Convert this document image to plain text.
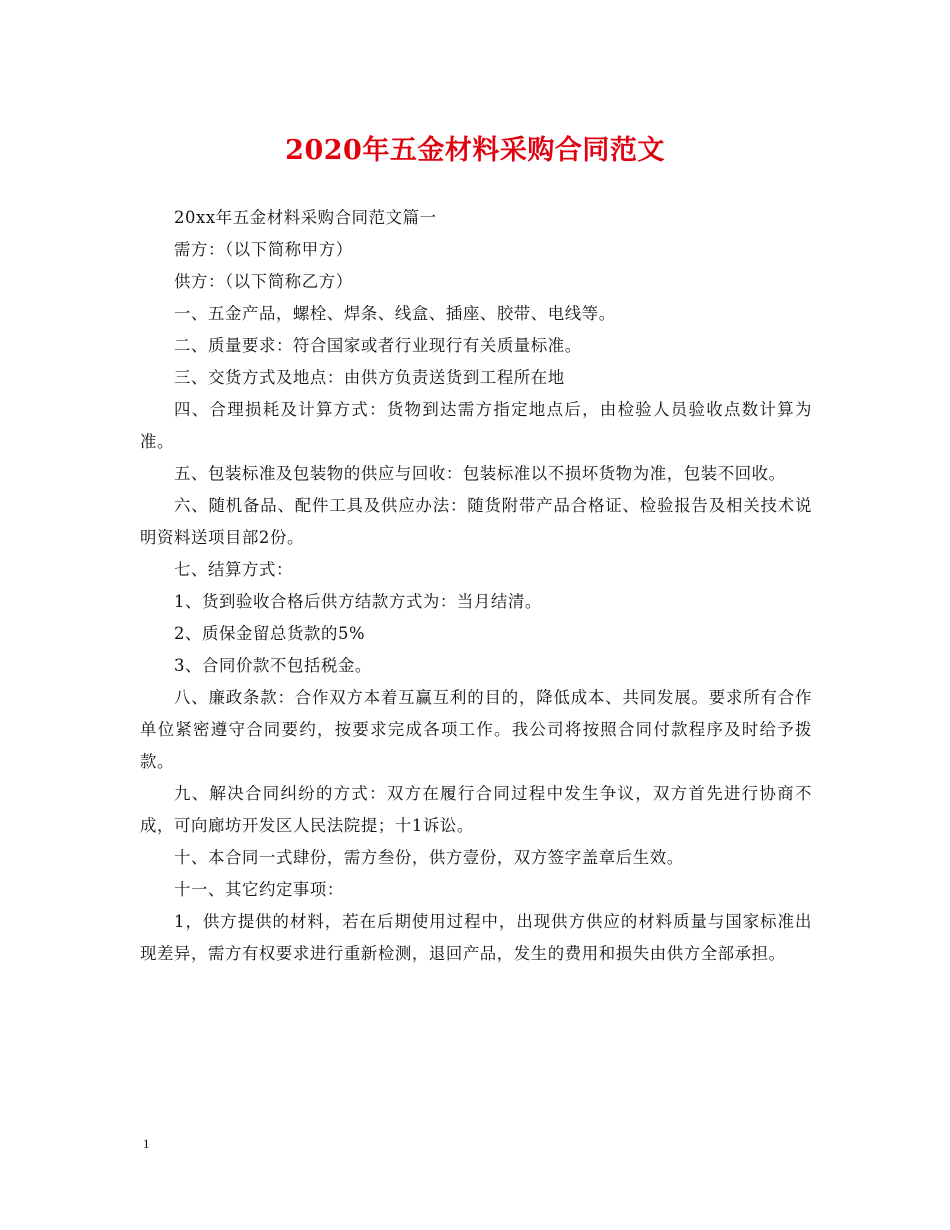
2020年五金材料采购合同范文

20xx年五金材料采购合同范文篇一

需方：（以下简称甲方）

供方：（以下简称乙方）

一、五金产品，螺栓、焊条、线盒、插座、胶带、电线等。

二、质量要求：符合国家或者行业现行有关质量标准。

三、交货方式及地点：由供方负责送货到工程所在地

四、合理损耗及计算方式：货物到达需方指定地点后，由检验人员验收点数计算为准。

五、包装标准及包装物的供应与回收：包装标准以不损坏货物为准，包装不回收。

六、随机备品、配件工具及供应办法：随货附带产品合格证、检验报告及相关技术说明资料送项目部2份。

七、结算方式：

1、货到验收合格后供方结款方式为：当月结清。

2、质保金留总货款的5%

3、合同价款不包括税金。

八、廉政条款：合作双方本着互赢互利的目的，降低成本、共同发展。要求所有合作单位紧密遵守合同要约，按要求完成各项工作。我公司将按照合同付款程序及时给予拨款。

九、解决合同纠纷的方式：双方在履行合同过程中发生争议，双方首先进行协商不成，可向廊坊开发区人民法院提；十1诉讼。

十、本合同一式肆份，需方叁份，供方壹份，双方签字盖章后生效。

十一、其它约定事项：

1，供方提供的材料，若在后期使用过程中，出现供方供应的材料质量与国家标准出现差异，需方有权要求进行重新检测，退回产品，发生的费用和损失由供方全部承担。

1
